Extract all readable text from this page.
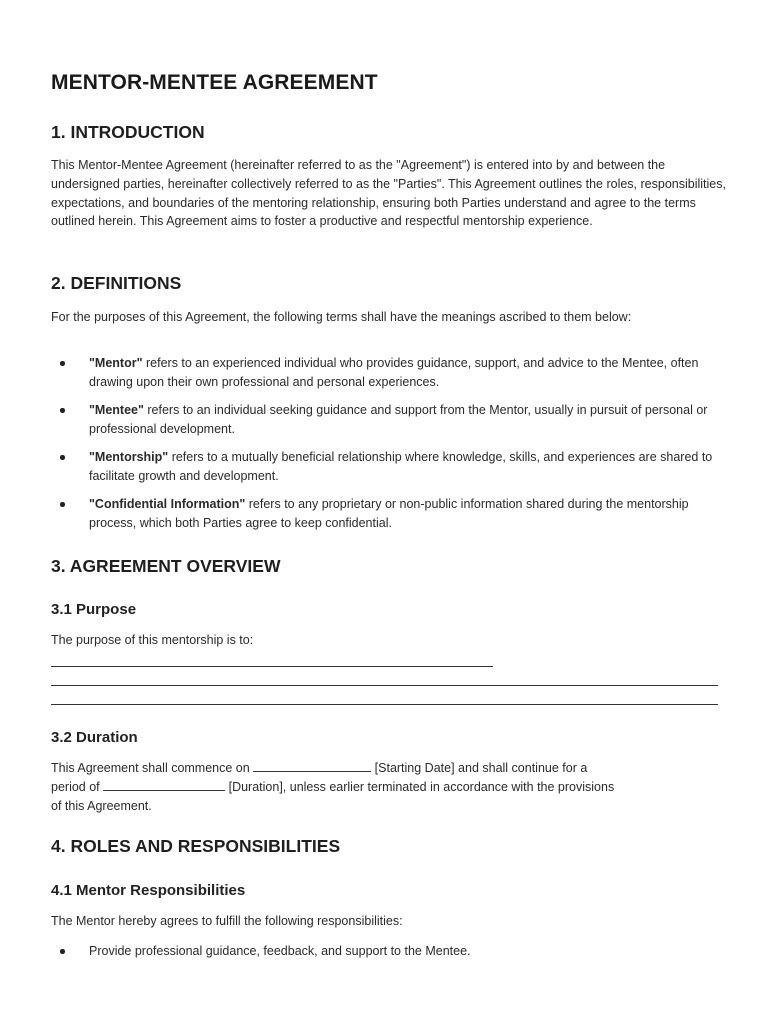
MENTOR-MENTEE AGREEMENT
1. INTRODUCTION

This Mentor-Mentee Agreement (hereinafter referred to as the "Agreement") is entered into by and between the undersigned parties, hereinafter collectively referred to as the "Parties". This Agreement outlines the roles, responsibilities, expectations, and boundaries of the mentoring relationship, ensuring both Parties understand and agree to the terms outlined herein. This Agreement aims to foster a productive and respectful mentorship experience.

2. DEFINITIONS

For the purposes of this Agreement, the following terms shall have the meanings ascribed to them below:

"Mentor" refers to an experienced individual who provides guidance, support, and advice to the Mentee, often drawing upon their own professional and personal experiences.
"Mentee" refers to an individual seeking guidance and support from the Mentor, usually in pursuit of personal or professional development.
"Mentorship" refers to a mutually beneficial relationship where knowledge, skills, and experiences are shared to facilitate growth and development.
"Confidential Information" refers to any proprietary or non-public information shared during the mentorship process, which both Parties agree to keep confidential.
3. AGREEMENT OVERVIEW
3.1 Purpose

The purpose of this mentorship is to:

3.2 Duration

This Agreement shall commence on	[Starting Date] and shall continue for a
period of	[Duration], unless earlier terminated in accordance with the provisions
of this Agreement.

4. ROLES AND RESPONSIBILITIES
4.1 Mentor Responsibilities

The Mentor hereby agrees to fulfill the following responsibilities:

Provide professional guidance, feedback, and support to the Mentee.
